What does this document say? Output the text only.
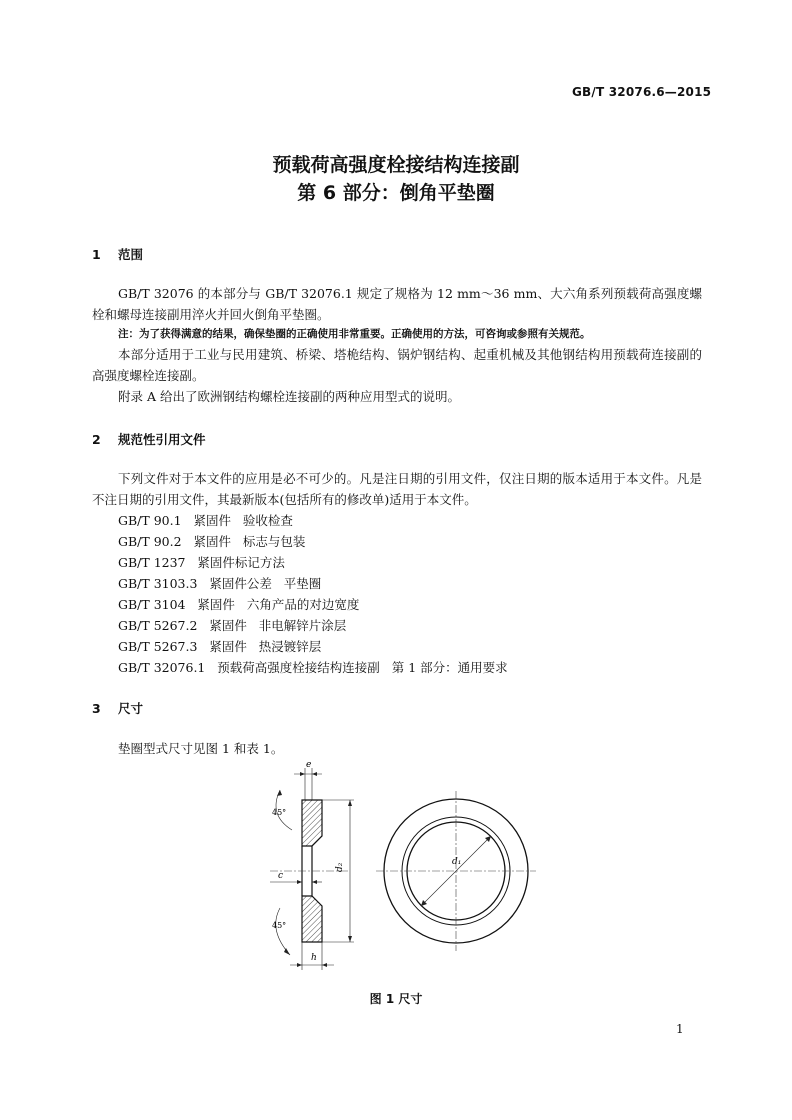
GB/T 32076.6—2015
预载荷高强度栓接结构连接副
第 6 部分：倒角平垫圈
1 范围
GB/T 32076 的本部分与 GB/T 32076.1 规定了规格为 12 mm～36 mm、大六角系列预载荷高强度螺栓和螺母连接副用淬火并回火倒角平垫圈。
注：为了获得满意的结果，确保垫圈的正确使用非常重要。正确使用的方法，可咨询或参照有关规范。
本部分适用于工业与民用建筑、桥梁、塔桅结构、锅炉钢结构、起重机械及其他钢结构用预载荷连接副的高强度螺栓连接副。
附录 A 给出了欧洲钢结构螺栓连接副的两种应用型式的说明。
2 规范性引用文件
下列文件对于本文件的应用是必不可少的。凡是注日期的引用文件，仅注日期的版本适用于本文件。凡是不注日期的引用文件，其最新版本(包括所有的修改单)适用于本文件。
GB/T 90.1   紧固件   验收检查
GB/T 90.2   紧固件   标志与包装
GB/T 1237   紧固件标记方法
GB/T 3103.3   紧固件公差   平垫圈
GB/T 3104   紧固件   六角产品的对边宽度
GB/T 5267.2   紧固件   非电解锌片涂层
GB/T 5267.3   紧固件   热浸镀锌层
GB/T 32076.1   预载荷高强度栓接结构连接副   第 1 部分：通用要求
3 尺寸
垫圈型式尺寸见图 1 和表 1。
e
c
h
d₂
45°
45°
d₁
图 1 尺寸
1
